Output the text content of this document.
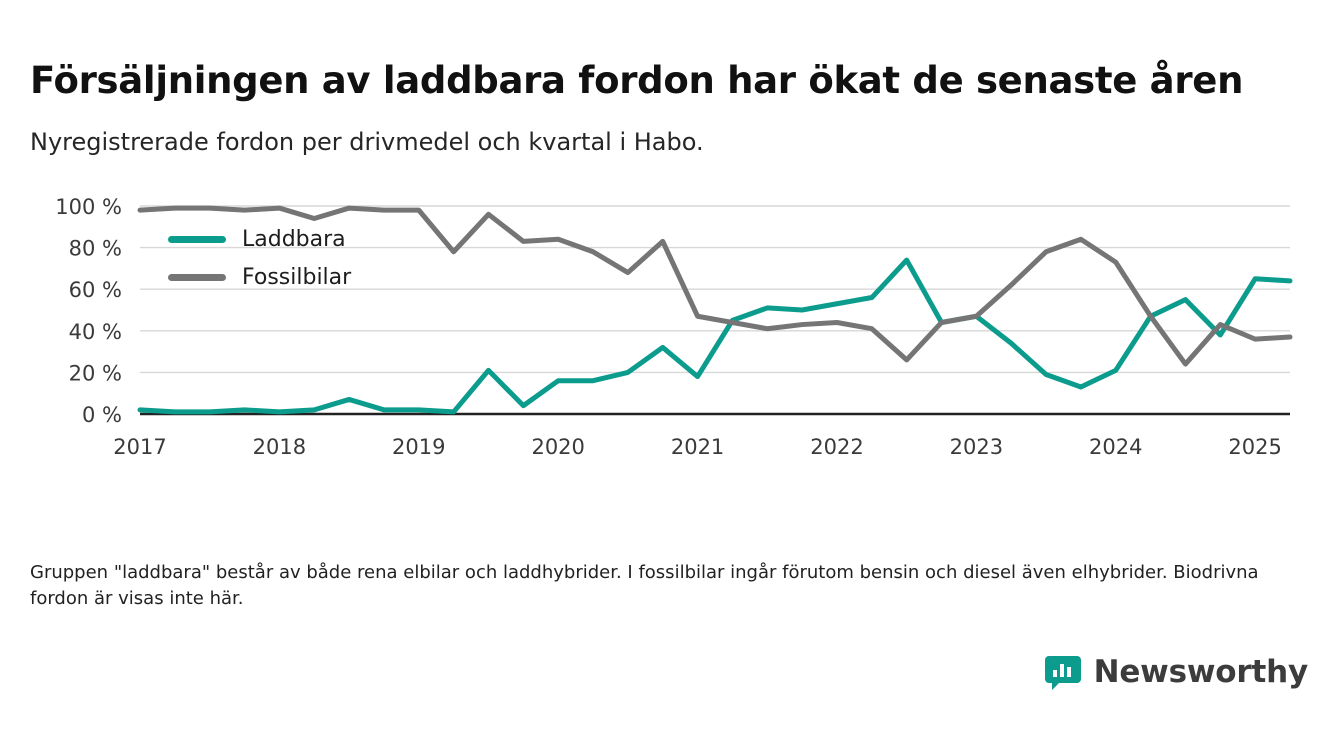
Försäljningen av laddbara fordon har ökat de senaste åren
Nyregistrerade fordon per drivmedel och kvartal i Habo.
0 %
20 %
40 %
60 %
80 %
100 %
2017	2018	2019	2020	2021	2022	2023	2024	2025
Laddbara
Fossilbilar
Gruppen "laddbara" består av både rena elbilar och laddhybrider. I fossilbilar ingår förutom bensin och diesel även elhybrider. Biodrivna fordon är visas inte här.
Newsworthy
